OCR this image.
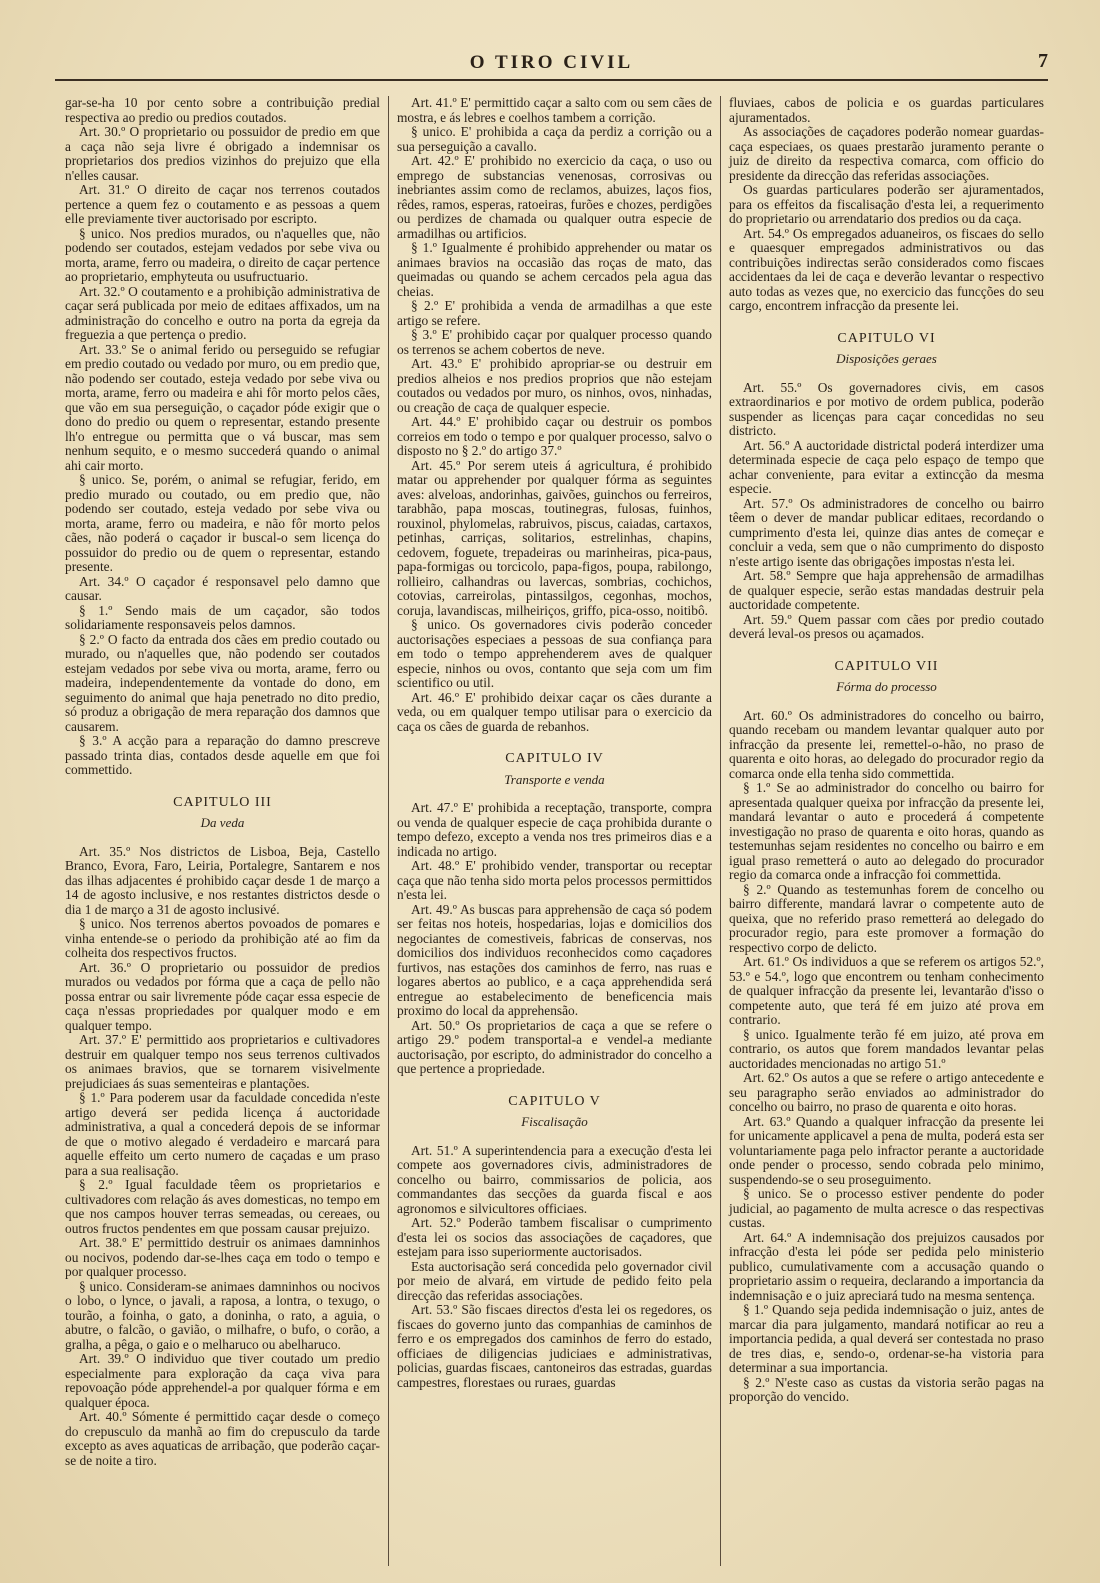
O TIRO CIVIL	7

gar-se-ha 10 por cento sobre a contribuição predial respectiva ao predio ou predios coutados.

Art. 30.º O proprietario ou possuidor de predio em que a caça não seja livre é obrigado a indemnisar os proprietarios dos predios vizinhos do prejuizo que ella n'elles causar.

Art. 31.º O direito de caçar nos terrenos coutados pertence a quem fez o coutamento e as pessoas a quem elle previamente tiver auctorisado por escripto.

§ unico. Nos predios murados, ou n'aquelles que, não podendo ser coutados, estejam vedados por sebe viva ou morta, arame, ferro ou madeira, o direito de caçar pertence ao proprietario, emphyteuta ou usufructuario.

Art. 32.º O coutamento e a prohibição administrativa de caçar será publicada por meio de editaes affixados, um na administração do concelho e outro na porta da egreja da freguezia a que pertença o predio.

Art. 33.º Se o animal ferido ou perseguido se refugiar em predio coutado ou vedado por muro, ou em predio que, não podendo ser coutado, esteja vedado por sebe viva ou morta, arame, ferro ou madeira e ahi fôr morto pelos cães, que vão em sua perseguição, o caçador póde exigir que o dono do predio ou quem o representar, estando presente lh'o entregue ou permitta que o vá buscar, mas sem nenhum sequito, e o mesmo succederá quando o animal ahi cair morto.

§ unico. Se, porém, o animal se refugiar, ferido, em predio murado ou coutado, ou em predio que, não podendo ser coutado, esteja vedado por sebe viva ou morta, arame, ferro ou madeira, e não fôr morto pelos cães, não poderá o caçador ir buscal-o sem licença do possuidor do predio ou de quem o representar, estando presente.

Art. 34.º O caçador é responsavel pelo damno que causar.

§ 1.º Sendo mais de um caçador, são todos solidariamente responsaveis pelos damnos.

§ 2.º O facto da entrada dos cães em predio coutado ou murado, ou n'aquelles que, não podendo ser coutados estejam vedados por sebe viva ou morta, arame, ferro ou madeira, independentemente da vontade do dono, em seguimento do animal que haja penetrado no dito predio, só produz a obrigação de mera reparação dos damnos que causarem.

§ 3.º A acção para a reparação do damno prescreve passado trinta dias, contados desde aquelle em que foi commettido.

CAPITULO III
Da veda

Art. 35.º Nos districtos de Lisboa, Beja, Castello Branco, Evora, Faro, Leiria, Portalegre, Santarem e nos das ilhas adjacentes é prohibido caçar desde 1 de março a 14 de agosto inclusive, e nos restantes districtos desde o dia 1 de março a 31 de agosto inclusivé.

§ unico. Nos terrenos abertos povoados de pomares e vinha entende-se o periodo da prohibição até ao fim da colheita dos respectivos fructos.

Art. 36.º O proprietario ou possuidor de predios murados ou vedados por fórma que a caça de pello não possa entrar ou sair livremente póde caçar essa especie de caça n'essas propriedades por qualquer modo e em qualquer tempo.

Art. 37.º E' permittido aos proprietarios e cultivadores destruir em qualquer tempo nos seus terrenos cultivados os animaes bravios, que se tornarem visivelmente prejudiciaes ás suas sementeiras e plantações.

§ 1.º Para poderem usar da faculdade concedida n'este artigo deverá ser pedida licença á auctoridade administrativa, a qual a concederá depois de se informar de que o motivo alegado é verdadeiro e marcará para aquelle effeito um certo numero de caçadas e um praso para a sua realisação.

§ 2.º Igual faculdade têem os proprietarios e cultivadores com relação ás aves domesticas, no tempo em que nos campos houver terras semeadas, ou cereaes, ou outros fructos pendentes em que possam causar prejuizo.

Art. 38.º E' permittido destruir os animaes damninhos ou nocivos, podendo dar-se-lhes caça em todo o tempo e por qualquer processo.

§ unico. Consideram-se animaes damninhos ou nocivos o lobo, o lynce, o javali, a raposa, a lontra, o texugo, o tourão, a foinha, o gato, a doninha, o rato, a aguia, o abutre, o falcão, o gavião, o milhafre, o bufo, o corão, a gralha, a pêga, o gaio e o melharuco ou abelharuco.

Art. 39.º O individuo que tiver coutado um predio especialmente para exploração da caça viva para repovoação póde apprehendel-a por qualquer fórma e em qualquer época.

Art. 40.º Sómente é permittido caçar desde o começo do crepusculo da manhã ao fim do crepusculo da tarde excepto as aves aquaticas de arribação, que poderão caçar-se de noite a tiro.

Art. 41.º E' permittido caçar a salto com ou sem cães de mostra, e ás lebres e coelhos tambem a corrição.

§ unico. E' prohibida a caça da perdiz a corrição ou a sua perseguição a cavallo.

Art. 42.º E' prohibido no exercicio da caça, o uso ou emprego de substancias venenosas, corrosivas ou inebriantes assim como de reclamos, abuizes, laços fios, rêdes, ramos, esperas, ratoeiras, furões e chozes, perdigões ou perdizes de chamada ou qualquer outra especie de armadilhas ou artificios.

§ 1.º Igualmente é prohibido apprehender ou matar os animaes bravios na occasião das roças de mato, das queimadas ou quando se achem cercados pela agua das cheias.

§ 2.º E' prohibida a venda de armadilhas a que este artigo se refere.

§ 3.º E' prohibido caçar por qualquer processo quando os terrenos se achem cobertos de neve.

Art. 43.º E' prohibido apropriar-se ou destruir em predios alheios e nos predios proprios que não estejam coutados ou vedados por muro, os ninhos, ovos, ninhadas, ou creação de caça de qualquer especie.

Art. 44.º E' prohibido caçar ou destruir os pombos correios em todo o tempo e por qualquer processo, salvo o disposto no § 2.º do artigo 37.º

Art. 45.º Por serem uteis á agricultura, é prohibido matar ou apprehender por qualquer fórma as seguintes aves: alveloas, andorinhas, gaivões, guinchos ou ferreiros, tarabhão, papa moscas, toutinegras, fulosas, fuinhos, rouxinol, phylomelas, rabruivos, piscus, caiadas, cartaxos, petinhas, carriças, solitarios, estrelinhas, chapins, cedovem, foguete, trepadeiras ou marinheiras, pica-paus, papa-formigas ou torcicolo, papa-figos, poupa, rabilongo, rollieiro, calhandras ou lavercas, sombrias, cochichos, cotovias, carreirolas, pintassilgos, cegonhas, mochos, coruja, lavandiscas, milheiriços, griffo, pica-osso, noitibô.

§ unico. Os governadores civis poderão conceder auctorisações especiaes a pessoas de sua confiança para em todo o tempo apprehenderem aves de qualquer especie, ninhos ou ovos, contanto que seja com um fim scientifico ou util.

Art. 46.º E' prohibido deixar caçar os cães durante a veda, ou em qualquer tempo utilisar para o exercicio da caça os cães de guarda de rebanhos.

CAPITULO IV
Transporte e venda

Art. 47.º E' prohibida a receptação, transporte, compra ou venda de qualquer especie de caça prohibida durante o tempo defezo, excepto a venda nos tres primeiros dias e a indicada no artigo.

Art. 48.º E' prohibido vender, transportar ou receptar caça que não tenha sido morta pelos processos permittidos n'esta lei.

Art. 49.º As buscas para apprehensão de caça só podem ser feitas nos hoteis, hospedarias, lojas e domicilios dos negociantes de comestiveis, fabricas de conservas, nos domicilios dos individuos reconhecidos como caçadores furtivos, nas estações dos caminhos de ferro, nas ruas e logares abertos ao publico, e a caça apprehendida será entregue ao estabelecimento de beneficencia mais proximo do local da apprehensão.

Art. 50.º Os proprietarios de caça a que se refere o artigo 29.º podem transportal-a e vendel-a mediante auctorisação, por escripto, do administrador do concelho a que pertence a propriedade.

CAPITULO V
Fiscalisação

Art. 51.º A superintendencia para a execução d'esta lei compete aos governadores civis, administradores de concelho ou bairro, commissarios de policia, aos commandantes das secções da guarda fiscal e aos agronomos e silvicultores officiaes.

Art. 52.º Poderão tambem fiscalisar o cumprimento d'esta lei os socios das associações de caçadores, que estejam para isso superiormente auctorisados.

Esta auctorisação será concedida pelo governador civil por meio de alvará, em virtude de pedido feito pela direcção das referidas associações.

Art. 53.º São fiscaes directos d'esta lei os regedores, os fiscaes do governo junto das companhias de caminhos de ferro e os empregados dos caminhos de ferro do estado, officiaes de diligencias judiciaes e administrativas, policias, guardas fiscaes, cantoneiros das estradas, guardas campestres, florestaes ou ruraes, guardas

fluviaes, cabos de policia e os guardas particulares ajuramentados.

As associações de caçadores poderão nomear guardas-caça especiaes, os quaes prestarão juramento perante o juiz de direito da respectiva comarca, com officio do presidente da direcção das referidas associações.

Os guardas particulares poderão ser ajuramentados, para os effeitos da fiscalisação d'esta lei, a requerimento do proprietario ou arrendatario dos predios ou da caça.

Art. 54.º Os empregados aduaneiros, os fiscaes do sello e quaesquer empregados administrativos ou das contribuições indirectas serão considerados como fiscaes accidentaes da lei de caça e deverão levantar o respectivo auto todas as vezes que, no exercicio das funcções do seu cargo, encontrem infracção da presente lei.

CAPITULO VI
Disposições geraes

Art. 55.º Os governadores civis, em casos extraordinarios e por motivo de ordem publica, poderão suspender as licenças para caçar concedidas no seu districto.

Art. 56.º A auctoridade districtal poderá interdizer uma determinada especie de caça pelo espaço de tempo que achar conveniente, para evitar a extincção da mesma especie.

Art. 57.º Os administradores de concelho ou bairro têem o dever de mandar publicar editaes, recordando o cumprimento d'esta lei, quinze dias antes de começar e concluir a veda, sem que o não cumprimento do disposto n'este artigo isente das obrigações impostas n'esta lei.

Art. 58.º Sempre que haja apprehensão de armadilhas de qualquer especie, serão estas mandadas destruir pela auctoridade competente.

Art. 59.º Quem passar com cães por predio coutado deverá leval-os presos ou açamados.

CAPITULO VII
Fórma do processo

Art. 60.º Os administradores do concelho ou bairro, quando recebam ou mandem levantar qualquer auto por infracção da presente lei, remettel-o-hão, no praso de quarenta e oito horas, ao delegado do procurador regio da comarca onde ella tenha sido commettida.

§ 1.º Se ao administrador do concelho ou bairro for apresentada qualquer queixa por infracção da presente lei, mandará levantar o auto e procederá á competente investigação no praso de quarenta e oito horas, quando as testemunhas sejam residentes no concelho ou bairro e em igual praso remetterá o auto ao delegado do procurador regio da comarca onde a infracção foi commettida.

§ 2.º Quando as testemunhas forem de concelho ou bairro differente, mandará lavrar o competente auto de queixa, que no referido praso remetterá ao delegado do procurador regio, para este promover a formação do respectivo corpo de delicto.

Art. 61.º Os individuos a que se referem os artigos 52.º, 53.º e 54.º, logo que encontrem ou tenham conhecimento de qualquer infracção da presente lei, levantarão d'isso o competente auto, que terá fé em juizo até prova em contrario.

§ unico. Igualmente terão fé em juizo, até prova em contrario, os autos que forem mandados levantar pelas auctoridades mencionadas no artigo 51.º

Art. 62.º Os autos a que se refere o artigo antecedente e seu paragrapho serão enviados ao administrador do concelho ou bairro, no praso de quarenta e oito horas.

Art. 63.º Quando a qualquer infracção da presente lei for unicamente applicavel a pena de multa, poderá esta ser voluntariamente paga pelo infractor perante a auctoridade onde pender o processo, sendo cobrada pelo minimo, suspendendo-se o seu proseguimento.

§ unico. Se o processo estiver pendente do poder judicial, ao pagamento de multa acresce o das respectivas custas.

Art. 64.º A indemnisação dos prejuizos causados por infracção d'esta lei póde ser pedida pelo ministerio publico, cumulativamente com a accusação quando o proprietario assim o requeira, declarando a importancia da indemnisação e o juiz apreciará tudo na mesma sentença.

§ 1.º Quando seja pedida indemnisação o juiz, antes de marcar dia para julgamento, mandará notificar ao reu a importancia pedida, a qual deverá ser contestada no praso de tres dias, e, sendo-o, ordenar-se-ha vistoria para determinar a sua importancia.

§ 2.º N'este caso as custas da vistoria serão pagas na proporção do vencido.
